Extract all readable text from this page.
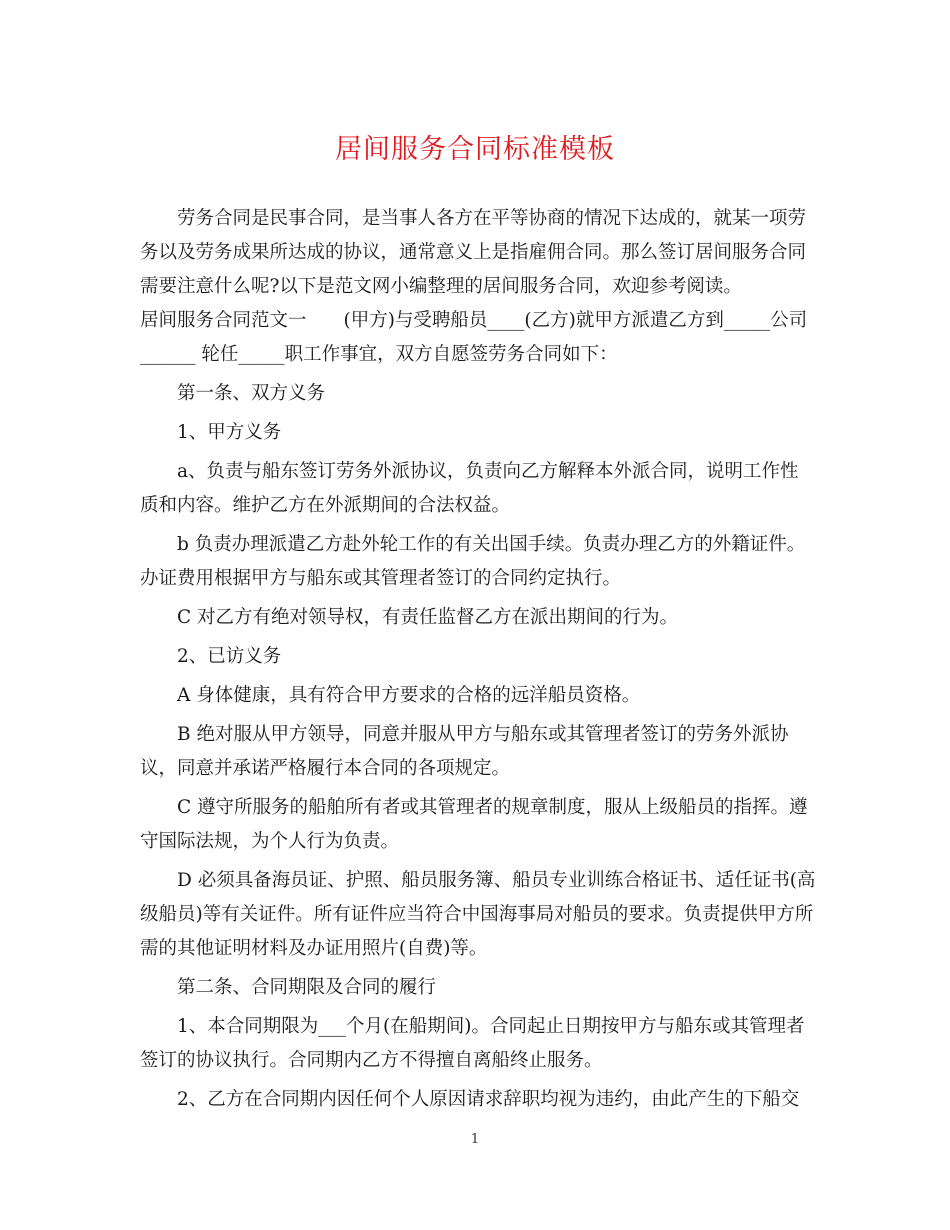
居间服务合同标准模板

劳务合同是民事合同，是当事人各方在平等协商的情况下达成的，就某一项劳务以及劳务成果所达成的协议，通常意义上是指雇佣合同。那么签订居间服务合同需要注意什么呢?以下是范文网小编整理的居间服务合同，欢迎参考阅读。

居间服务合同范文一　　(甲方)与受聘船员____(乙方)就甲方派遣乙方到_____公司______ 轮任_____职工作事宜，双方自愿签劳务合同如下：

第一条、双方义务

1、甲方义务

a、负责与船东签订劳务外派协议，负责向乙方解释本外派合同，说明工作性质和内容。维护乙方在外派期间的合法权益。

b 负责办理派遣乙方赴外轮工作的有关出国手续。负责办理乙方的外籍证件。办证费用根据甲方与船东或其管理者签订的合同约定执行。

C 对乙方有绝对领导权，有责任监督乙方在派出期间的行为。

2、已访义务

A 身体健康，具有符合甲方要求的合格的远洋船员资格。

B 绝对服从甲方领导，同意并服从甲方与船东或其管理者签订的劳务外派协议，同意并承诺严格履行本合同的各项规定。

C 遵守所服务的船舶所有者或其管理者的规章制度，服从上级船员的指挥。遵守国际法规，为个人行为负责。

D 必须具备海员证、护照、船员服务簿、船员专业训练合格证书、适任证书(高级船员)等有关证件。所有证件应当符合中国海事局对船员的要求。负责提供甲方所需的其他证明材料及办证用照片(自费)等。

第二条、合同期限及合同的履行

1、本合同期限为___个月(在船期间)。合同起止日期按甲方与船东或其管理者签订的协议执行。合同期内乙方不得擅自离船终止服务。

2、乙方在合同期内因任何个人原因请求辞职均视为违约，由此产生的下船交

1
